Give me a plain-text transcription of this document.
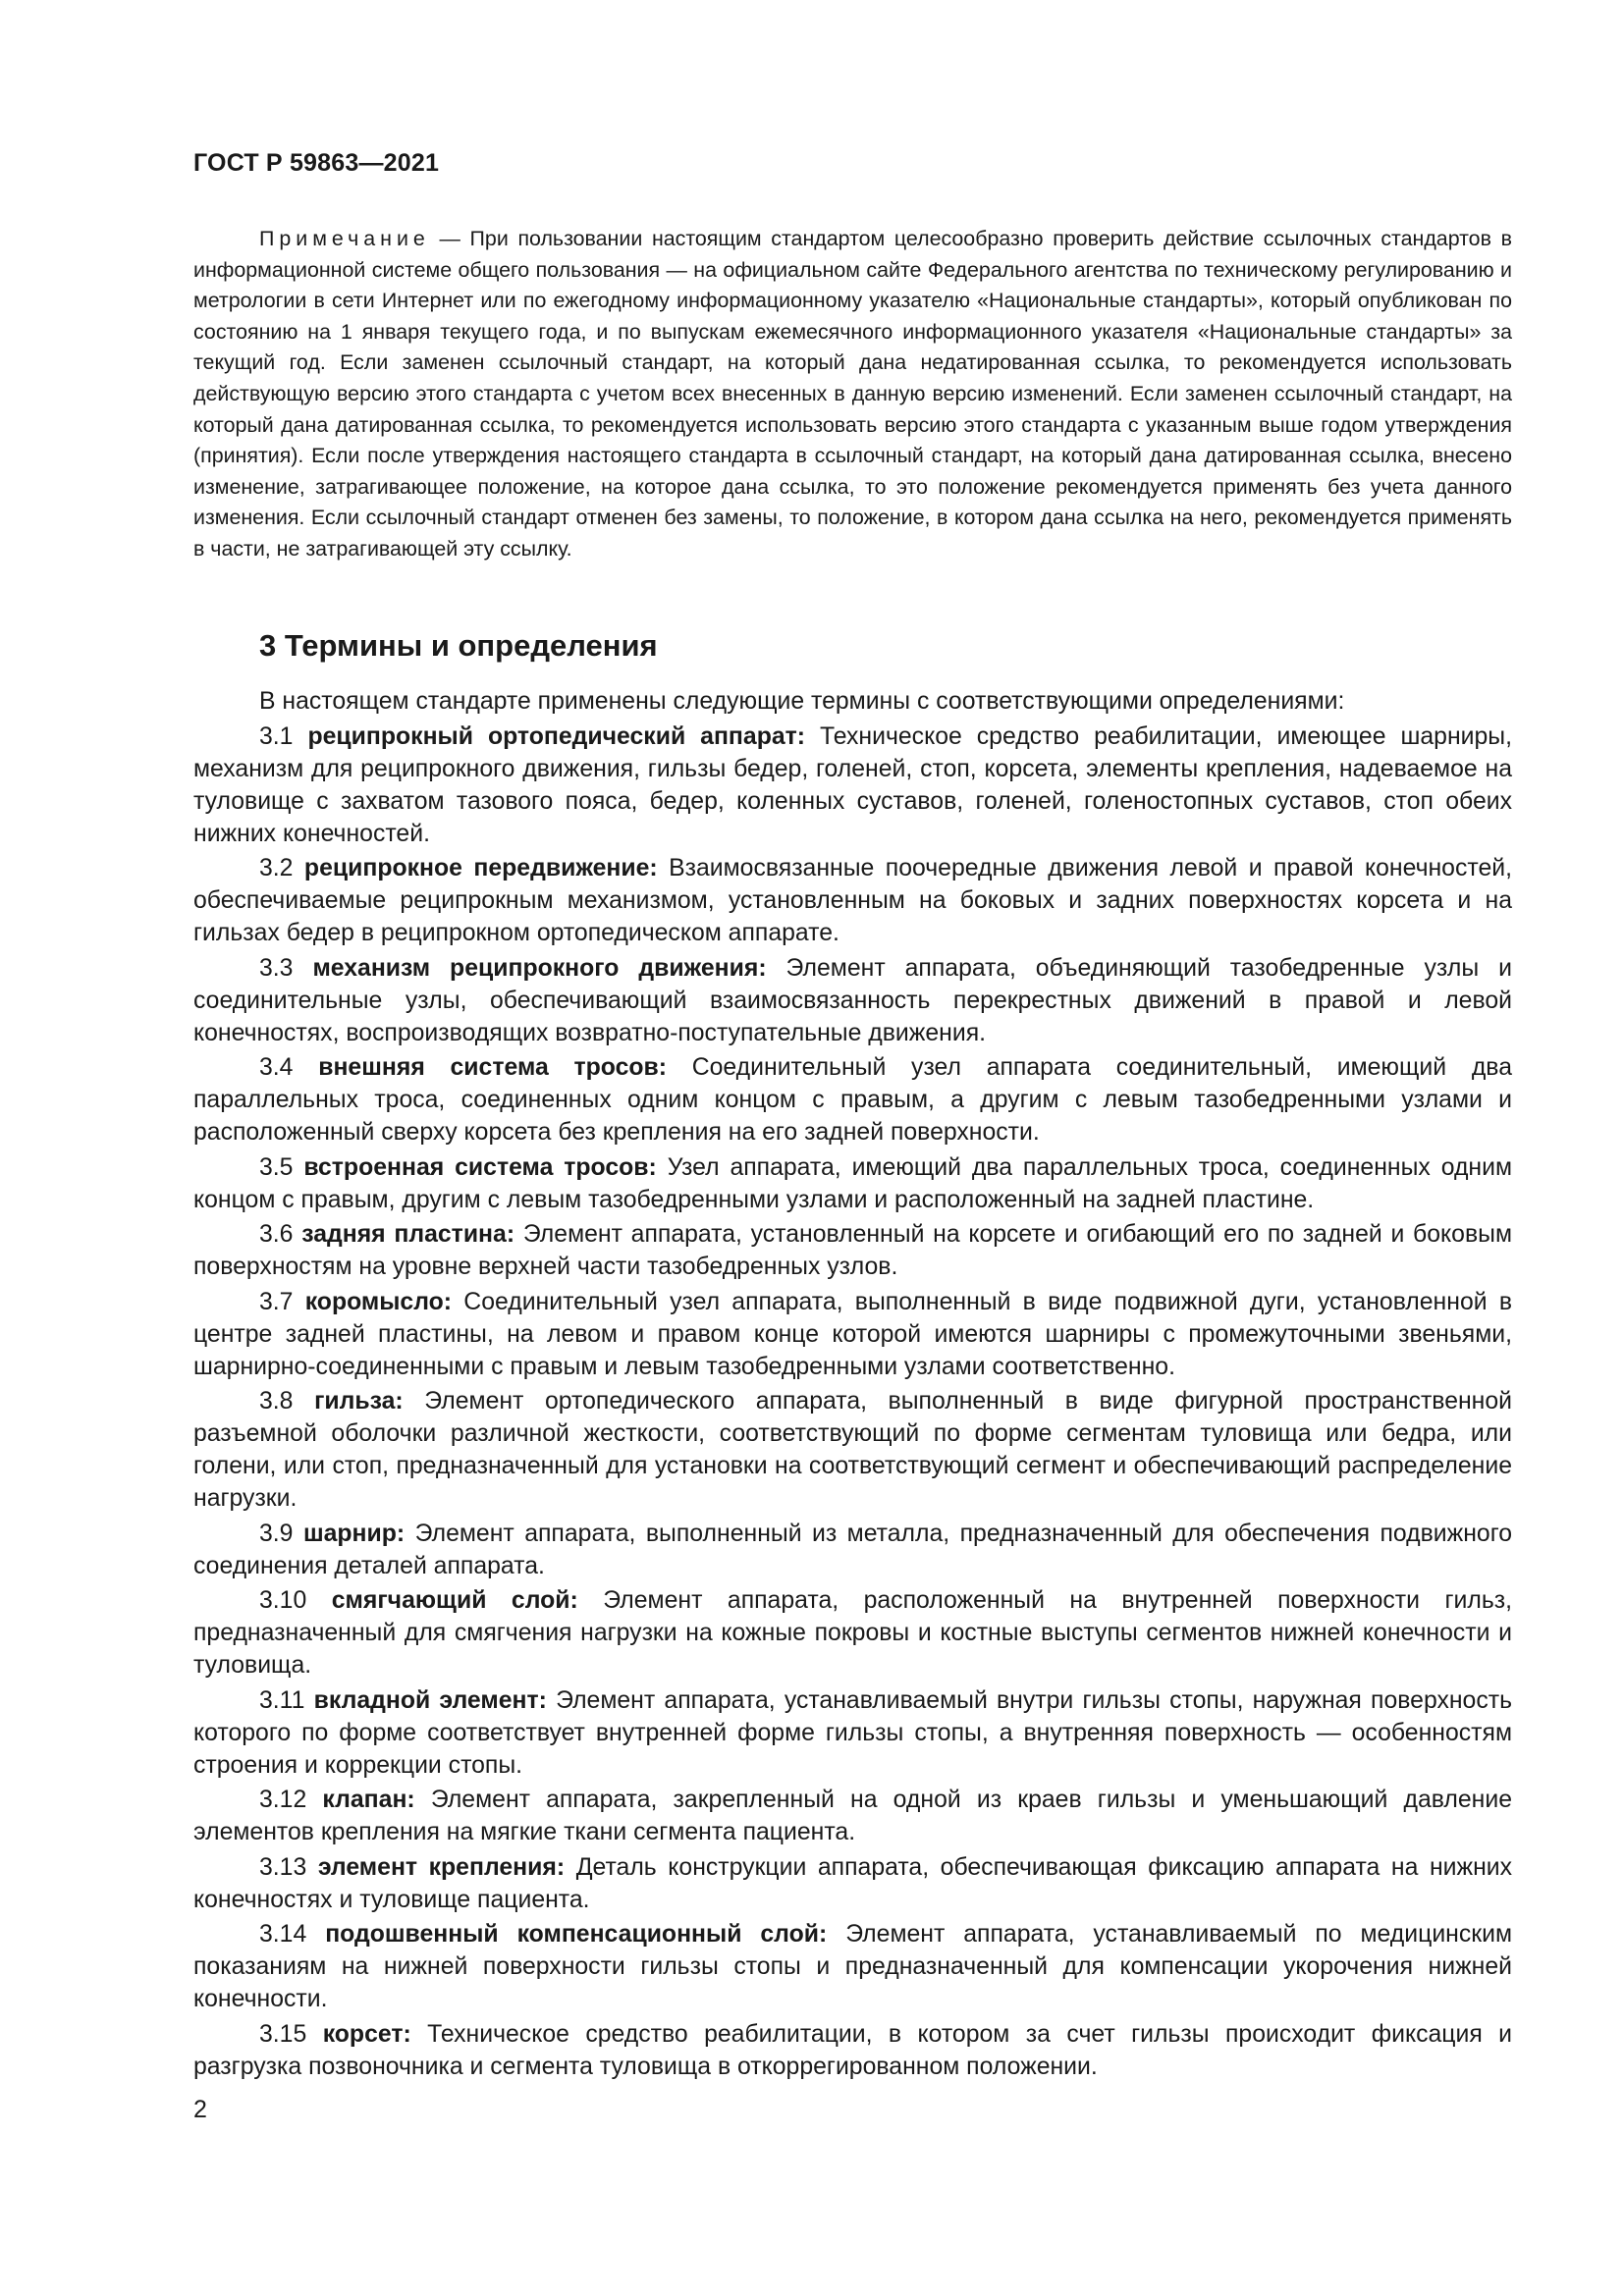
ГОСТ Р 59863—2021
Примечание — При пользовании настоящим стандартом целесообразно проверить действие ссылочных стандартов в информационной системе общего пользования — на официальном сайте Федерального агентства по техническому регулированию и метрологии в сети Интернет или по ежегодному информационному указателю «Национальные стандарты», который опубликован по состоянию на 1 января текущего года, и по выпускам ежемесячного информационного указателя «Национальные стандарты» за текущий год. Если заменен ссылочный стандарт, на который дана недатированная ссылка, то рекомендуется использовать действующую версию этого стандарта с учетом всех внесенных в данную версию изменений. Если заменен ссылочный стандарт, на который дана датированная ссылка, то рекомендуется использовать версию этого стандарта с указанным выше годом утверждения (принятия). Если после утверждения настоящего стандарта в ссылочный стандарт, на который дана датированная ссылка, внесено изменение, затрагивающее положение, на которое дана ссылка, то это положение рекомендуется применять без учета данного изменения. Если ссылочный стандарт отменен без замены, то положение, в котором дана ссылка на него, рекомендуется применять в части, не затрагивающей эту ссылку.
3 Термины и определения

В настоящем стандарте применены следующие термины с соответствующими определениями:

3.1 реципрокный ортопедический аппарат: Техническое средство реабилитации, имеющее шарниры, механизм для реципрокного движения, гильзы бедер, голеней, стоп, корсета, элементы крепления, надеваемое на туловище с захватом тазового пояса, бедер, коленных суставов, голеней, голеностопных суставов, стоп обеих нижних конечностей.

3.2 реципрокное передвижение: Взаимосвязанные поочередные движения левой и правой конечностей, обеспечиваемые реципрокным механизмом, установленным на боковых и задних поверхностях корсета и на гильзах бедер в реципрокном ортопедическом аппарате.

3.3 механизм реципрокного движения: Элемент аппарата, объединяющий тазобедренные узлы и соединительные узлы, обеспечивающий взаимосвязанность перекрестных движений в правой и левой конечностях, воспроизводящих возвратно-поступательные движения.

3.4 внешняя система тросов: Соединительный узел аппарата соединительный, имеющий два параллельных троса, соединенных одним концом с правым, а другим с левым тазобедренными узлами и расположенный сверху корсета без крепления на его задней поверхности.

3.5 встроенная система тросов: Узел аппарата, имеющий два параллельных троса, соединенных одним концом с правым, другим с левым тазобедренными узлами и расположенный на задней пластине.

3.6 задняя пластина: Элемент аппарата, установленный на корсете и огибающий его по задней и боковым поверхностям на уровне верхней части тазобедренных узлов.

3.7 коромысло: Соединительный узел аппарата, выполненный в виде подвижной дуги, установленной в центре задней пластины, на левом и правом конце которой имеются шарниры с промежуточными звеньями, шарнирно-соединенными с правым и левым тазобедренными узлами соответственно.

3.8 гильза: Элемент ортопедического аппарата, выполненный в виде фигурной пространственной разъемной оболочки различной жесткости, соответствующий по форме сегментам туловища или бедра, или голени, или стоп, предназначенный для установки на соответствующий сегмент и обеспечивающий распределение нагрузки.

3.9 шарнир: Элемент аппарата, выполненный из металла, предназначенный для обеспечения подвижного соединения деталей аппарата.

3.10 смягчающий слой: Элемент аппарата, расположенный на внутренней поверхности гильз, предназначенный для смягчения нагрузки на кожные покровы и костные выступы сегментов нижней конечности и туловища.

3.11 вкладной элемент: Элемент аппарата, устанавливаемый внутри гильзы стопы, наружная поверхность которого по форме соответствует внутренней форме гильзы стопы, а внутренняя поверхность — особенностям строения и коррекции стопы.

3.12 клапан: Элемент аппарата, закрепленный на одной из краев гильзы и уменьшающий давление элементов крепления на мягкие ткани сегмента пациента.

3.13 элемент крепления: Деталь конструкции аппарата, обеспечивающая фиксацию аппарата на нижних конечностях и туловище пациента.

3.14 подошвенный компенсационный слой: Элемент аппарата, устанавливаемый по медицинским показаниям на нижней поверхности гильзы стопы и предназначенный для компенсации укорочения нижней конечности.

3.15 корсет: Техническое средство реабилитации, в котором за счет гильзы происходит фиксация и разгрузка позвоночника и сегмента туловища в откоррегированном положении.

2
